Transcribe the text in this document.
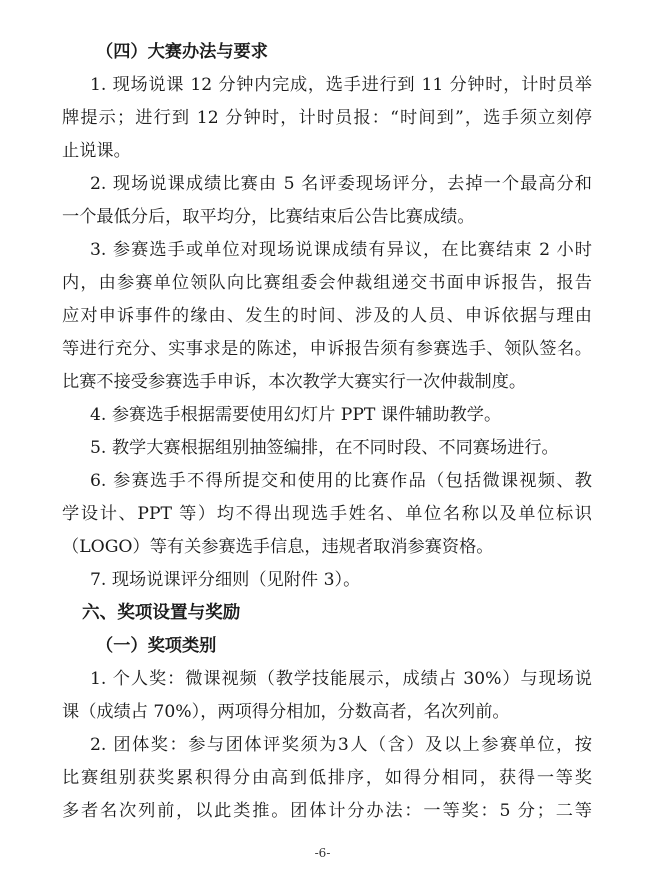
（四）大赛办法与要求
1. 现场说课 12 分钟内完成，选手进行到 11 分钟时，计时员举
牌提示；进行到 12 分钟时，计时员报：“时间到”，选手须立刻停
止说课。
2. 现场说课成绩比赛由 5 名评委现场评分，去掉一个最高分和
一个最低分后，取平均分，比赛结束后公告比赛成绩。
3. 参赛选手或单位对现场说课成绩有异议，在比赛结束 2 小时
内，由参赛单位领队向比赛组委会仲裁组递交书面申诉报告，报告
应对申诉事件的缘由、发生的时间、涉及的人员、申诉依据与理由
等进行充分、实事求是的陈述，申诉报告须有参赛选手、领队签名。
比赛不接受参赛选手申诉，本次教学大赛实行一次仲裁制度。
4. 参赛选手根据需要使用幻灯片 PPT 课件辅助教学。
5. 教学大赛根据组别抽签编排，在不同时段、不同赛场进行。
6. 参赛选手不得所提交和使用的比赛作品（包括微课视频、教
学设计、PPT 等）均不得出现选手姓名、单位名称以及单位标识
（LOGO）等有关参赛选手信息，违规者取消参赛资格。
7. 现场说课评分细则（见附件 3）。
六、奖项设置与奖励
（一）奖项类别
1. 个人奖：微课视频（教学技能展示，成绩占 30%）与现场说
课（成绩占 70%），两项得分相加，分数高者，名次列前。
2. 团体奖：参与团体评奖须为3人（含）及以上参赛单位，按
比赛组别获奖累积得分由高到低排序，如得分相同，获得一等奖
多者名次列前，以此类推。团体计分办法：一等奖：5 分；二等
-6-
